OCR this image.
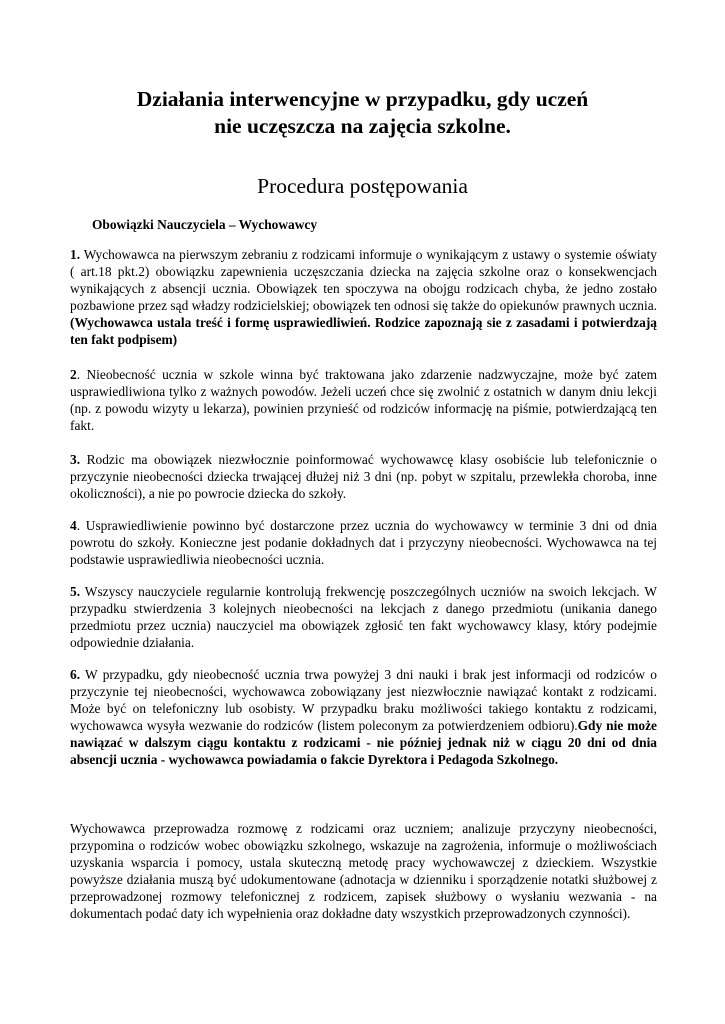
Działania interwencyjne w przypadku, gdy uczeń
nie uczęszcza na zajęcia szkolne.
Procedura postępowania
Obowiązki Nauczyciela – Wychowawcy

1. Wychowawca na pierwszym zebraniu z rodzicami informuje o wynikającym z ustawy o systemie oświaty ( art.18 pkt.2) obowiązku zapewnienia uczęszczania dziecka na zajęcia szkolne oraz o konsekwencjach wynikających z absencji ucznia. Obowiązek ten spoczywa na obojgu rodzicach chyba, że jedno zostało pozbawione przez sąd władzy rodzicielskiej; obowiązek ten odnosi się także do opiekunów prawnych ucznia. (Wychowawca ustala treść i formę usprawiedliwień. Rodzice zapoznają sie z zasadami i potwierdzają ten fakt podpisem)

2. Nieobecność ucznia w szkole winna być traktowana jako zdarzenie nadzwyczajne, może być zatem usprawiedliwiona tylko z ważnych powodów. Jeżeli uczeń chce się zwolnić z ostatnich w danym dniu lekcji (np. z powodu wizyty u lekarza), powinien przynieść od rodziców informację na piśmie, potwierdzającą ten fakt.

3. Rodzic ma obowiązek niezwłocznie poinformować wychowawcę klasy osobiście lub telefonicznie o przyczynie nieobecności dziecka trwającej dłużej niż 3 dni (np. pobyt w szpitalu, przewlekła choroba, inne okoliczności), a nie po powrocie dziecka do szkoły.

4. Usprawiedliwienie powinno być dostarczone przez ucznia do wychowawcy w terminie 3 dni od dnia powrotu do szkoły. Konieczne jest podanie dokładnych dat i przyczyny nieobecności. Wychowawca na tej podstawie usprawiedliwia nieobecności ucznia.

5. Wszyscy nauczyciele regularnie kontrolują frekwencję poszczególnych uczniów na swoich lekcjach. W przypadku stwierdzenia 3 kolejnych nieobecności na lekcjach z danego przedmiotu (unikania danego przedmiotu przez ucznia) nauczyciel ma obowiązek zgłosić ten fakt wychowawcy klasy, który podejmie odpowiednie działania.

6. W przypadku, gdy nieobecność ucznia trwa powyżej 3 dni nauki i brak jest informacji od rodziców o przyczynie tej nieobecności, wychowawca zobowiązany jest niezwłocznie nawiązać kontakt z rodzicami. Może być on telefoniczny lub osobisty. W przypadku braku możliwości takiego kontaktu z rodzicami, wychowawca wysyła wezwanie do rodziców (listem poleconym za potwierdzeniem odbioru).Gdy nie może nawiązać w dalszym ciągu kontaktu z rodzicami - nie później jednak niż w ciągu 20 dni od dnia absencji ucznia - wychowawca powiadamia o fakcie Dyrektora i Pedagoda Szkolnego.

Wychowawca przeprowadza rozmowę z rodzicami oraz uczniem; analizuje przyczyny nieobecności, przypomina o rodziców wobec obowiązku szkolnego, wskazuje na zagrożenia, informuje o możliwościach uzyskania wsparcia i pomocy, ustala skuteczną metodę pracy wychowawczej z dzieckiem. Wszystkie powyższe działania muszą być udokumentowane (adnotacja w dzienniku i sporządzenie notatki służbowej z przeprowadzonej rozmowy telefonicznej z rodzicem, zapisek służbowy o wysłaniu wezwania - na dokumentach podać daty ich wypełnienia oraz dokładne daty wszystkich przeprowadzonych czynności).
